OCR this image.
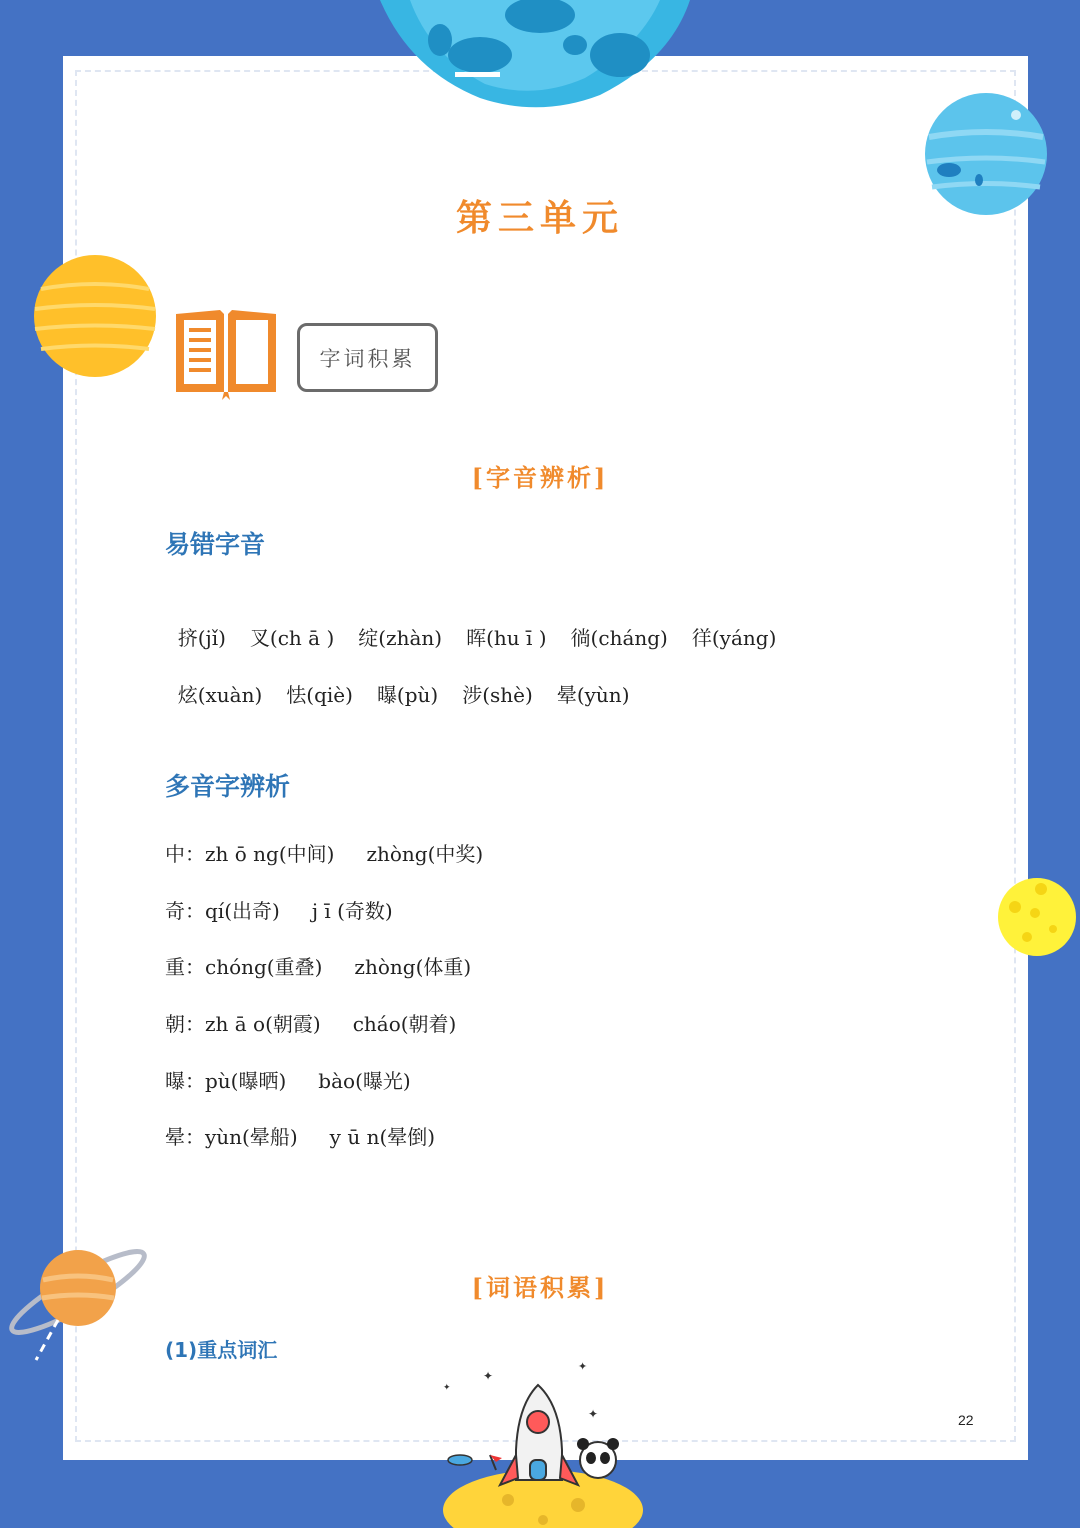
✦
✦
✦
✦
第三单元
字词积累
[字音辨析]
易错字音

挤(jǐ) 叉(ch ā ) 绽(zhàn) 晖(hu ī ) 徜(cháng) 徉(yáng)

炫(xuàn) 怯(qiè) 曝(pù) 涉(shè) 晕(yùn)

多音字辨析
中：zh ō ng(中间) zhòng(中奖)
奇：qí(出奇) j ī (奇数)
重：chóng(重叠) zhòng(体重)
朝：zh ā o(朝霞) cháo(朝着)
曝：pù(曝晒) bào(曝光)
晕：yùn(晕船) y ū n(晕倒)
[词语积累]
(1)重点词汇
22
